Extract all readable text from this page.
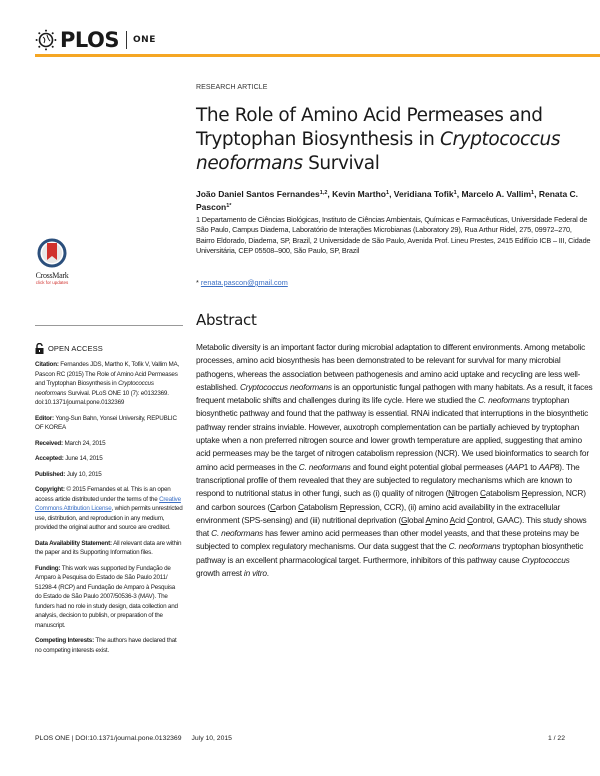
PLOS ONE
RESEARCH ARTICLE
The Role of Amino Acid Permeases and Tryptophan Biosynthesis in Cryptococcus neoformans Survival
João Daniel Santos Fernandes$^{1,2}$, Kevin Martho$^1$, Veridiana Tofik$^1$, Marcelo A. Vallim$^1$, Renata C. Pascon$^{1*}$
1 Departamento de Ciências Biológicas, Instituto de Ciências Ambientais, Químicas e Farmacêuticas, Universidade Federal de São Paulo, Campus Diadema, Laboratório de Interações Microbianas (Laboratory 29), Rua Arthur Ridel, 275, 09972–270, Bairro Eldorado, Diadema, SP, Brazil, 2 Universidade de São Paulo, Avenida Prof. Lineu Prestes, 2415 Edifício ICB – III, Cidade Universitária, CEP 05508–900, São Paulo, SP, Brazil
* renata.pascon@gmail.com
CrossMark
click for updates
Abstract
OPEN ACCESS
Citation: Fernandes JDS, Martho K, Tofik V, Vallim MA, Pascon RC (2015) The Role of Amino Acid Permeases and Tryptophan Biosynthesis in Cryptococcus neoformans Survival. PLoS ONE 10 (7): e0132369. doi:10.1371/journal.pone.0132369
Editor: Yong-Sun Bahn, Yonsei University, REPUBLIC OF KOREA
Received: March 24, 2015
Accepted: June 14, 2015
Published: July 10, 2015
Copyright: © 2015 Fernandes et al. This is an open access article distributed under the terms of the Creative Commons Attribution License, which permits unrestricted use, distribution, and reproduction in any medium, provided the original author and source are credited.
Data Availability Statement: All relevant data are within the paper and its Supporting Information files.
Funding: This work was supported by Fundação de Amparo à Pesquisa do Estado de São Paulo 2011/ 51298-4 (RCP) and Fundação de Amparo à Pesquisa do Estado de São Paulo 2007/50536-3 (MAV). The funders had no role in study design, data collection and analysis, decision to publish, or preparation of the manuscript.
Competing Interests: The authors have declared that no competing interests exist.
Metabolic diversity is an important factor during microbial adaptation to different environments. Among metabolic processes, amino acid biosynthesis has been demonstrated to be relevant for survival for many microbial pathogens, whereas the association between pathogenesis and amino acid uptake and recycling are less well-established. Cryptococcus neoformans is an opportunistic fungal pathogen with many habitats. As a result, it faces frequent metabolic shifts and challenges during its life cycle. Here we studied the C. neoformans tryptophan biosynthetic pathway and found that the pathway is essential. RNAi indicated that interruptions in the biosynthetic pathway render strains inviable. However, auxotroph complementation can be partially achieved by tryptophan uptake when a non preferred nitrogen source and lower growth temperature are applied, suggesting that amino acid permeases may be the target of nitrogen catabolism repression (NCR). We used bioinformatics to search for amino acid permeases in the C. neoformans and found eight potential global permeases (AAP1 to AAP8). The transcriptional profile of them revealed that they are subjected to regulatory mechanisms which are known to respond to nutritional status in other fungi, such as (i) quality of nitrogen (Nitrogen Catabolism Repression, NCR) and carbon sources (Carbon Catabolism Repression, CCR), (ii) amino acid availability in the extracellular environment (SPS-sensing) and (iii) nutritional deprivation (Global Amino Acid Control, GAAC). This study shows that C. neoformans has fewer amino acid permeases than other model yeasts, and that these proteins may be subjected to complex regulatory mechanisms. Our data suggest that the C. neoformans tryptophan biosynthetic pathway is an excellent pharmacological target. Furthermore, inhibitors of this pathway cause Cryptococcus growth arrest in vitro.
PLOS ONE | DOI:10.1371/journal.pone.0132369 July 10, 2015	1 / 22
